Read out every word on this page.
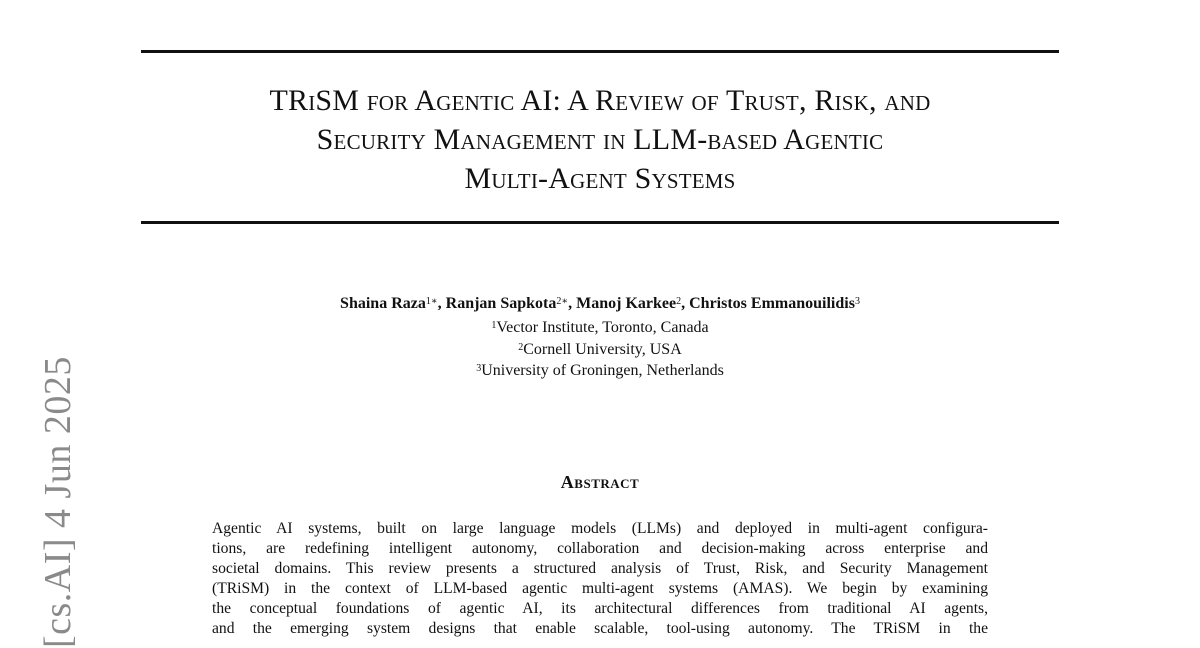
TRiSM for Agentic AI: A Review of Trust, Risk, and
Security Management in LLM-based Agentic
Multi-Agent Systems
Shaina Raza$^{1∗}$, Ranjan Sapkota$^{2∗}$, Manoj Karkee$^2$, Christos Emmanouilidis$^3$
$^1$Vector Institute, Toronto, Canada
$^2$Cornell University, USA
$^3$University of Groningen, Netherlands
Abstract
Agentic AI systems, built on large language models (LLMs) and deployed in multi-agent configura-
tions, are redefining intelligent autonomy, collaboration and decision-making across enterprise and
societal domains. This review presents a structured analysis of Trust, Risk, and Security Management
(TRiSM) in the context of LLM-based agentic multi-agent systems (AMAS). We begin by examining
the conceptual foundations of agentic AI, its architectural differences from traditional AI agents,
and the emerging system designs that enable scalable, tool-using autonomy. The TRiSM in the
[cs.AI] 4 Jun 2025
